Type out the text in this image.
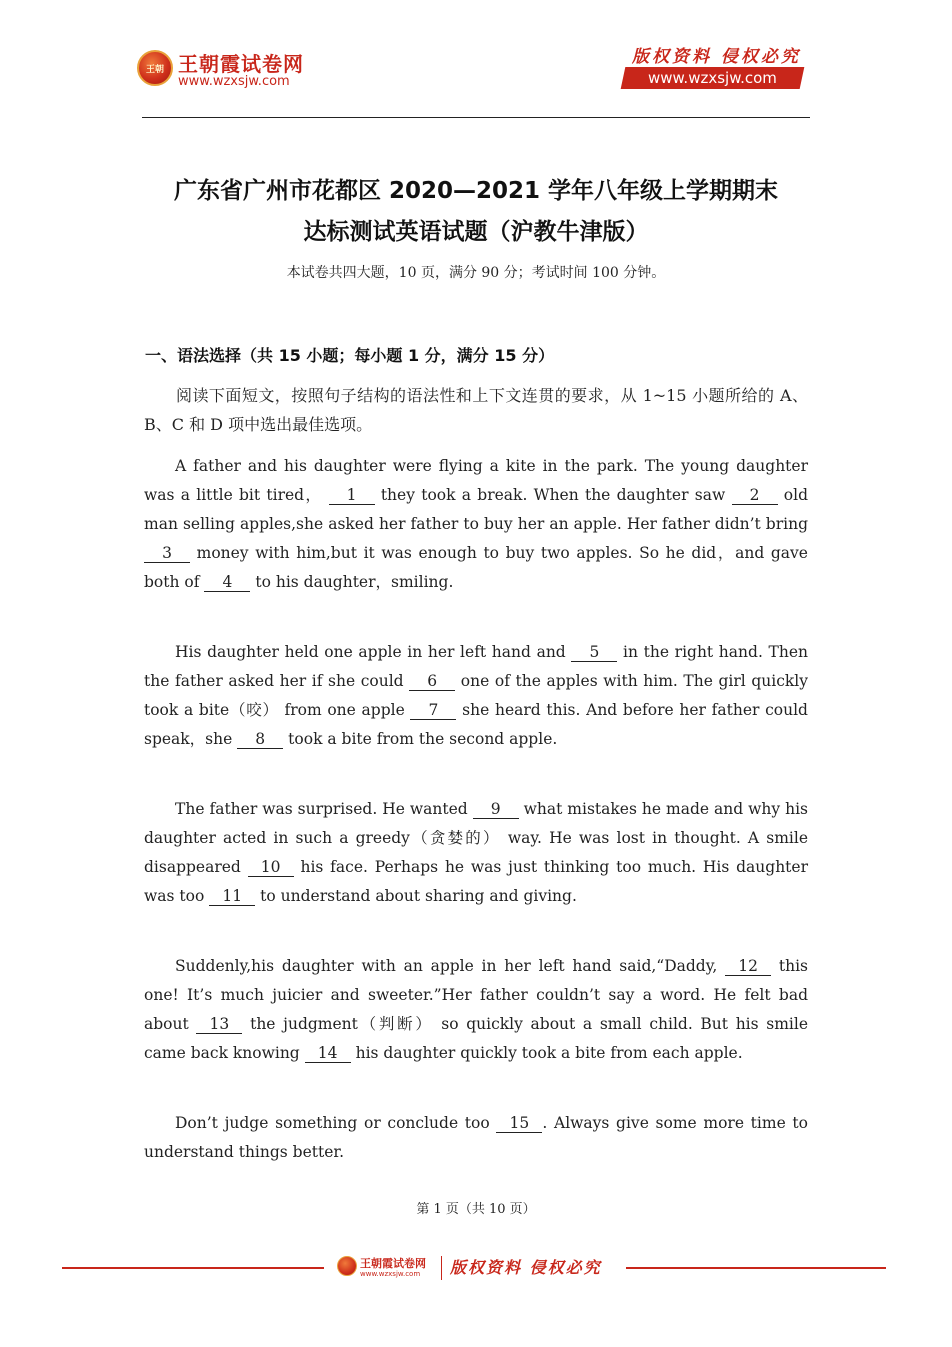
王朝 王朝霞试卷网
www.wzxsjw.com
版权资料 侵权必究
www.wzxsjw.com
广东省广州市花都区 2020—2021 学年八年级上学期期末
达标测试英语试题（沪教牛津版）
本试卷共四大题，10 页，满分 90 分；考试时间 100 分钟。
一、语法选择（共 15 小题；每小题 1 分，满分 15 分）
阅读下面短文，按照句子结构的语法性和上下文连贯的要求，从 1~15 小题所给的 A、B、C 和 D 项中选出最佳选项。
A father and his daughter were flying a kite in the park. The young daughter was a little bit tired， 1 they took a break. When the daughter saw 2 old man selling apples,she asked her father to buy her an apple. Her father didn’t bring 3 money with him,but it was enough to buy two apples. So he did，and gave both of 4 to his daughter，smiling.
His daughter held one apple in her left hand and 5 in the right hand. Then the father asked her if she could 6 one of the apples with him. The girl quickly took a bite（咬） from one apple 7 she heard this. And before her father could speak，she 8 took a bite from the second apple.
The father was surprised. He wanted 9 what mistakes he made and why his daughter acted in such a greedy（贪婪的） way. He was lost in thought. A smile disappeared 10 his face. Perhaps he was just thinking too much. His daughter was too 11 to understand about sharing and giving.
Suddenly,his daughter with an apple in her left hand said,“Daddy, 12 this one! It’s much juicier and sweeter.”Her father couldn’t say a word. He felt bad about 13 the judgment（判断） so quickly about a small child. But his smile came back knowing 14 his daughter quickly took a bite from each apple.
Don’t judge something or conclude too 15 . Always give some more time to understand things better.
第 1 页（共 10 页）
王朝霞试卷网
www.wzxsjw.com 版权资料 侵权必究
